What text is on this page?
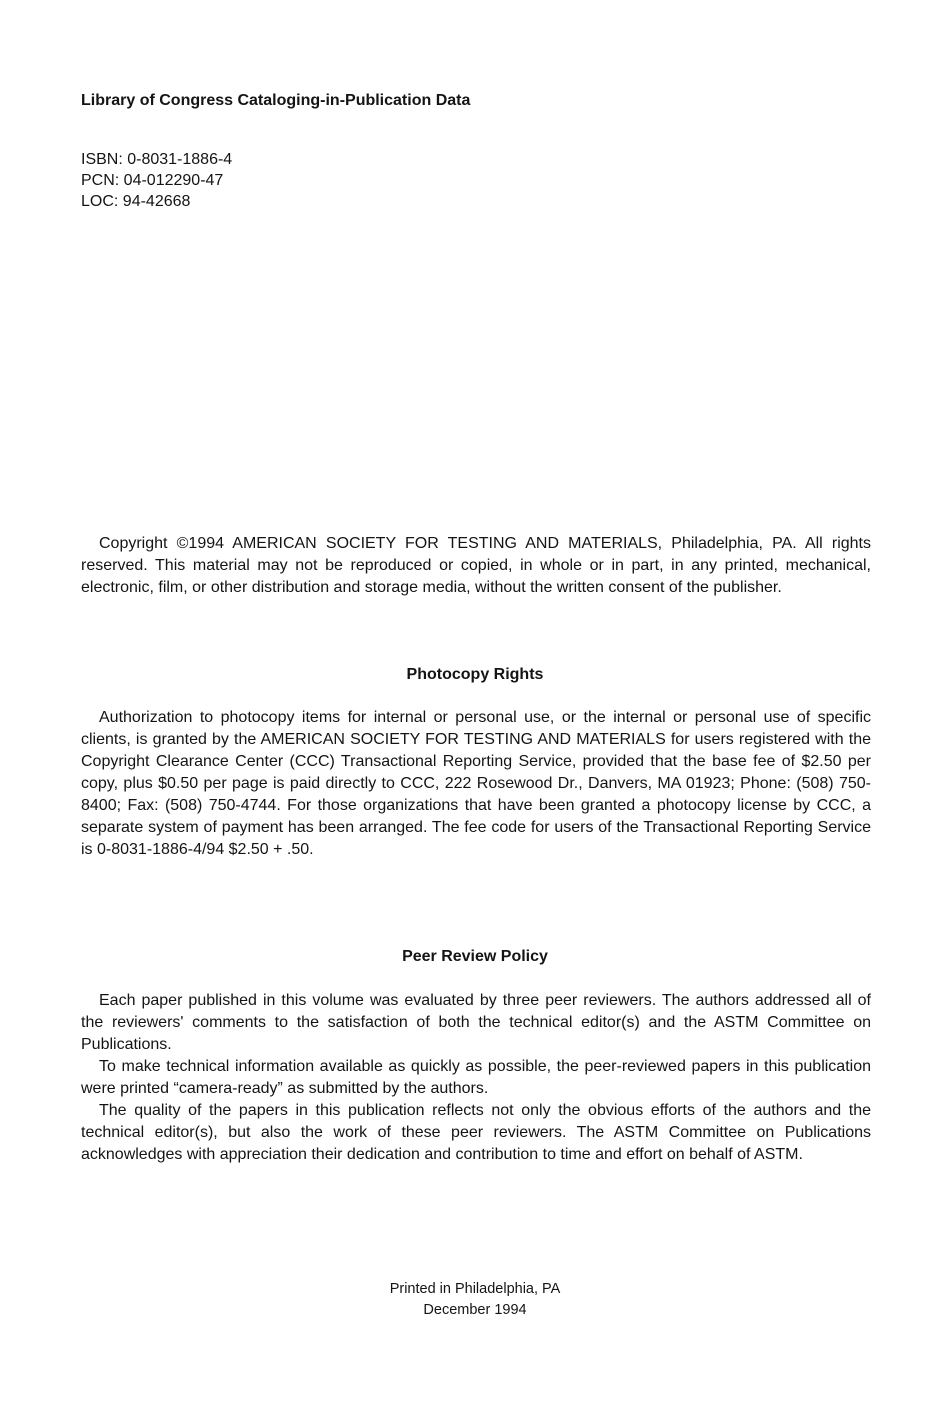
Library of Congress Cataloging-in-Publication Data
ISBN: 0-8031-1886-4
PCN: 04-012290-47
LOC: 94-42668

Copyright ©1994 AMERICAN SOCIETY FOR TESTING AND MATERIALS, Philadelphia, PA. All rights reserved. This material may not be reproduced or copied, in whole or in part, in any printed, mechanical, electronic, film, or other distribution and storage media, without the written consent of the publisher.

Photocopy Rights

Authorization to photocopy items for internal or personal use, or the internal or personal use of specific clients, is granted by the AMERICAN SOCIETY FOR TESTING AND MATERIALS for users registered with the Copyright Clearance Center (CCC) Transactional Reporting Service, provided that the base fee of $2.50 per copy, plus $0.50 per page is paid directly to CCC, 222 Rosewood Dr., Danvers, MA 01923; Phone: (508) 750-8400; Fax: (508) 750-4744. For those organizations that have been granted a photocopy license by CCC, a separate system of payment has been arranged. The fee code for users of the Transactional Reporting Service is 0-8031-1886-4/94 $2.50 + .50.

Peer Review Policy

Each paper published in this volume was evaluated by three peer reviewers. The authors addressed all of the reviewers' comments to the satisfaction of both the technical editor(s) and the ASTM Committee on Publications.

To make technical information available as quickly as possible, the peer-reviewed papers in this publication were printed “camera-ready” as submitted by the authors.

The quality of the papers in this publication reflects not only the obvious efforts of the authors and the technical editor(s), but also the work of these peer reviewers. The ASTM Committee on Publications acknowledges with appreciation their dedication and contribution to time and effort on behalf of ASTM.

Printed in Philadelphia, PA
December 1994
